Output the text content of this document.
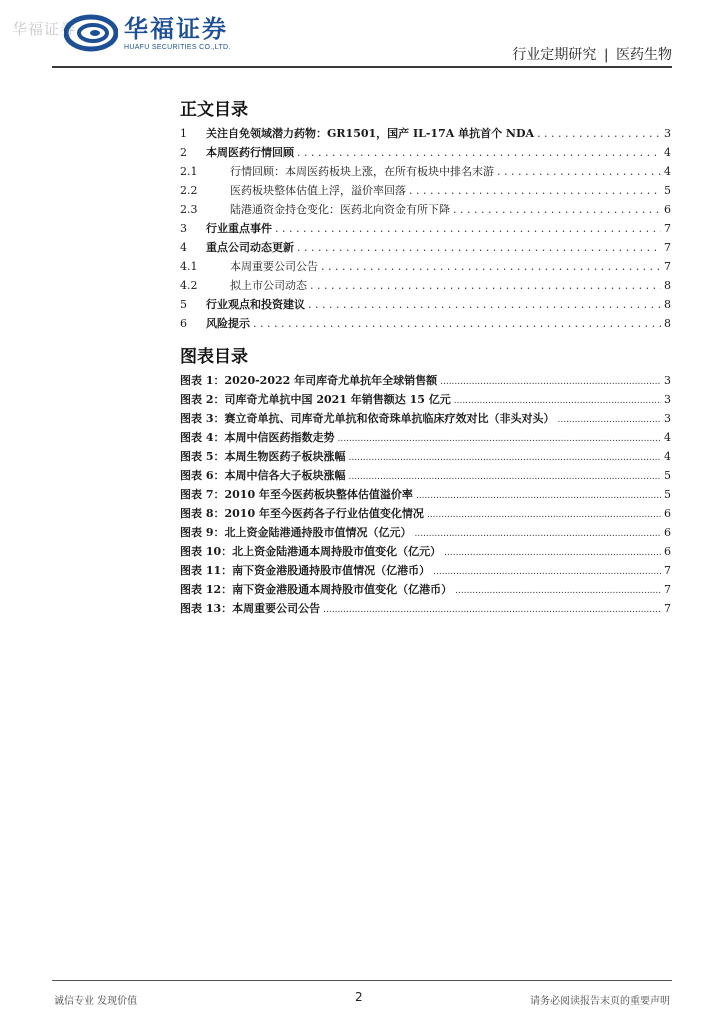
华福证券 华福证券
HUAFU SECURITIES CO.,LTD.	行业定期研究 | 医药生物
正文目录
1	关注自免领域潜力药物：GR1501，国产 IL-17A 单抗首个 NDA . . .	3
2	本周医药行情回顾 . . .	4
2.1	行情回顾：本周医药板块上涨，在所有板块中排名末游 . . .	4
2.2	医药板块整体估值上浮，溢价率回落 . . .	5
2.3	陆港通资金持仓变化：医药北向资金有所下降 . . .	6
3	行业重点事件 . . .	7
4	重点公司动态更新 . . .	7
4.1	本周重要公司公告 . . .	7
4.2	拟上市公司动态 . . .	8
5	行业观点和投资建议 . . .	8
6	风险提示 . . .	8
图表目录
图表 1： 2020-2022 年司库奇尤单抗年全球销售额 .....	3
图表 2： 司库奇尤单抗中国 2021 年销售额达 15 亿元 .....	3
图表 3： 赛立奇单抗、司库奇尤单抗和依奇珠单抗临床疗效对比（非头对头） .....	3
图表 4： 本周中信医药指数走势 .....	4
图表 5： 本周生物医药子板块涨幅 .....	4
图表 6： 本周中信各大子板块涨幅 .....	5
图表 7： 2010 年至今医药板块整体估值溢价率 .....	5
图表 8： 2010 年至今医药各子行业估值变化情况 .....	6
图表 9： 北上资金陆港通持股市值情况（亿元） .....	6
图表 10： 北上资金陆港通本周持股市值变化（亿元） .....	6
图表 11： 南下资金港股通持股市值情况（亿港币） .....	7
图表 12： 南下资金港股通本周持股市值变化（亿港币） .....	7
图表 13： 本周重要公司公告 .....	7
诚信专业 发现价值	2	请务必阅读报告末页的重要声明
